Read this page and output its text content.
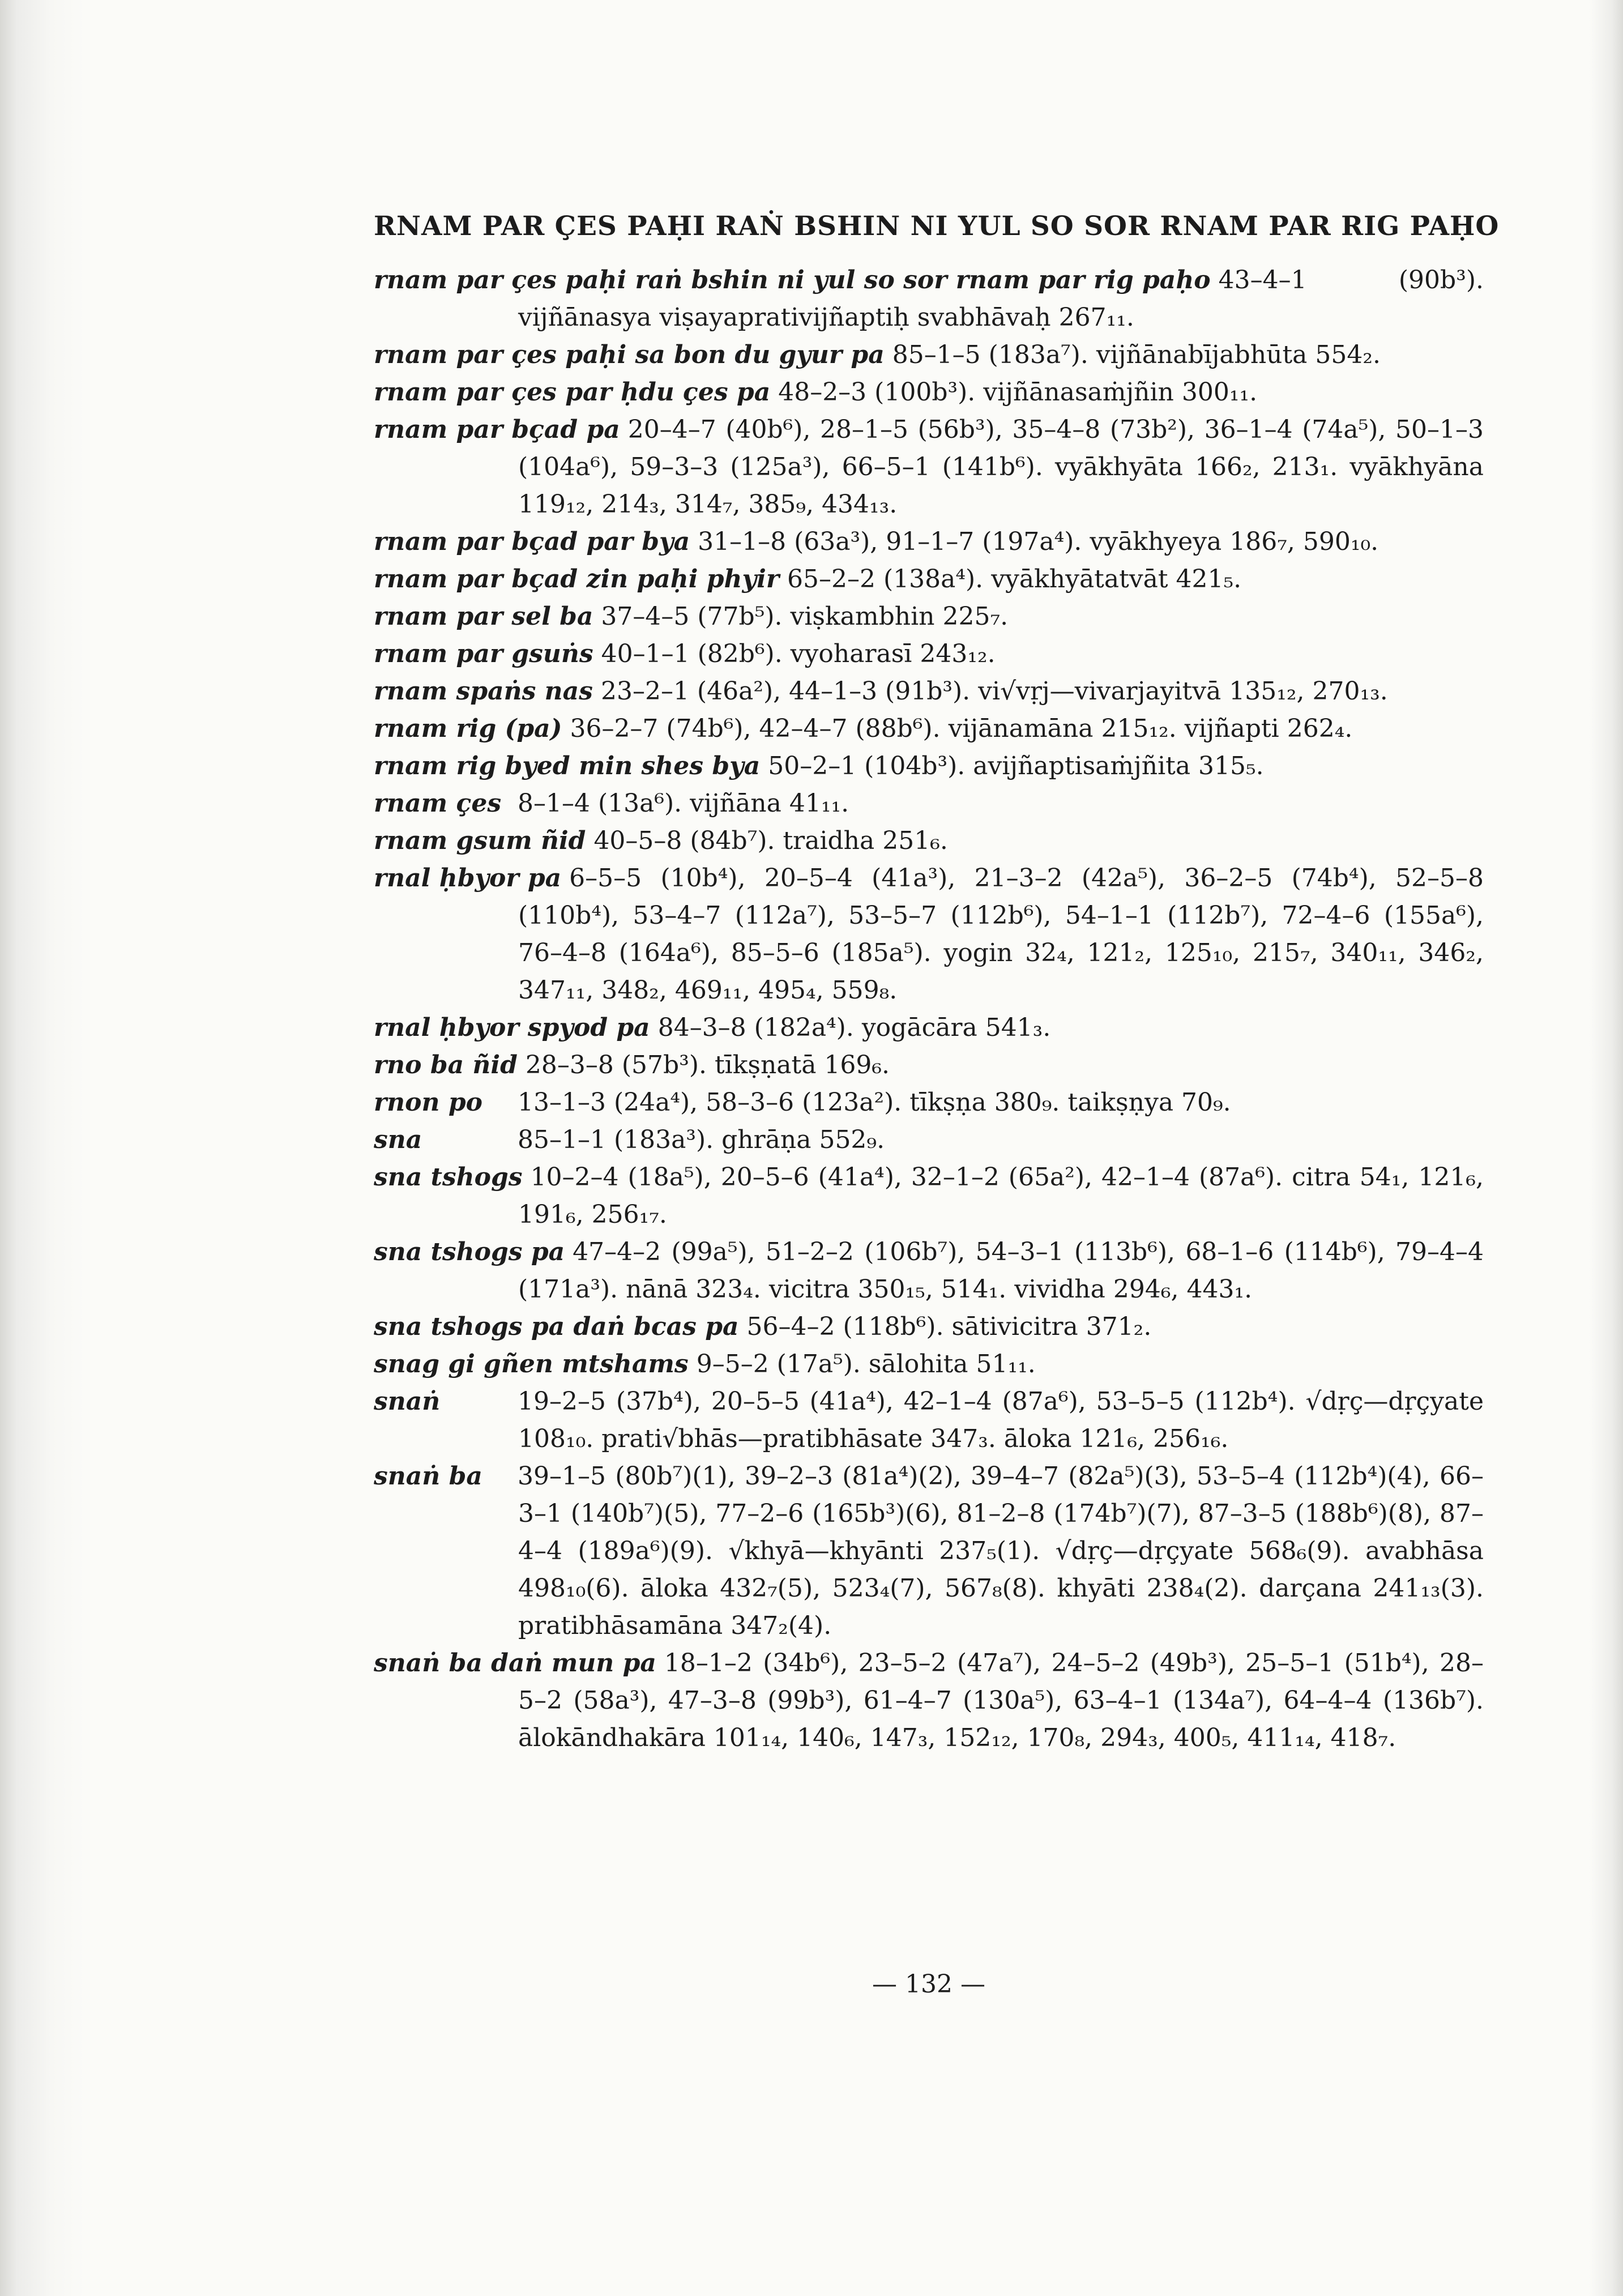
RNAM PAR ÇES PAḤI RAṄ BSHIN NI YUL SO SOR RNAM PAR RIG PAḤO
rnam par çes paḥi raṅ bshin ni yul so sor rnam par rig paḥo 43–4–1 (90b³). vijñānasya viṣayaprativijñaptiḥ svabhāvaḥ 267₁₁.
rnam par çes paḥi sa bon du gyur pa 85–1–5 (183a⁷). vijñānabījabhūta 554₂.
rnam par çes par ḥdu çes pa 48–2–3 (100b³). vijñānasaṁjñin 300₁₁.
rnam par bçad pa 20–4–7 (40b⁶), 28–1–5 (56b³), 35–4–8 (73b²), 36–1–4 (74a⁵), 50–1–3 (104a⁶), 59–3–3 (125a³), 66–5–1 (141b⁶). vyākhyāta 166₂, 213₁. vyākhyāna 119₁₂, 214₃, 314₇, 385₉, 434₁₃.
rnam par bçad par bya 31–1–8 (63a³), 91–1–7 (197a⁴). vyākhyeya 186₇, 590₁₀.
rnam par bçad zin paḥi phyir 65–2–2 (138a⁴). vyākhyātatvāt 421₅.
rnam par sel ba 37–4–5 (77b⁵). viṣkambhin 225₇.
rnam par gsuṅs 40–1–1 (82b⁶). vyoharasī 243₁₂.
rnam spaṅs nas 23–2–1 (46a²), 44–1–3 (91b³). vi√vṛj—vivarjayitvā 135₁₂, 270₁₃.
rnam rig (pa) 36–2–7 (74b⁶), 42–4–7 (88b⁶). vijānamāna 215₁₂. vijñapti 262₄.
rnam rig byed min shes bya 50–2–1 (104b³). avijñaptisaṁjñita 315₅.
rnam çes 8–1–4 (13a⁶). vijñāna 41₁₁.
rnam gsum ñid 40–5–8 (84b⁷). traidha 251₆.
rnal ḥbyor pa 6–5–5 (10b⁴), 20–5–4 (41a³), 21–3–2 (42a⁵), 36–2–5 (74b⁴), 52–5–8 (110b⁴), 53–4–7 (112a⁷), 53–5–7 (112b⁶), 54–1–1 (112b⁷), 72–4–6 (155a⁶), 76–4–8 (164a⁶), 85–5–6 (185a⁵). yogin 32₄, 121₂, 125₁₀, 215₇, 340₁₁, 346₂, 347₁₁, 348₂, 469₁₁, 495₄, 559₈.
rnal ḥbyor spyod pa 84–3–8 (182a⁴). yogācāra 541₃.
rno ba ñid 28–3–8 (57b³). tīkṣṇatā 169₆.
rnon po 13–1–3 (24a⁴), 58–3–6 (123a²). tīkṣṇa 380₉. taikṣṇya 70₉.
sna	85–1–1 (183a³). ghrāṇa 552₉.
sna tshogs 10–2–4 (18a⁵), 20–5–6 (41a⁴), 32–1–2 (65a²), 42–1–4 (87a⁶). citra 54₁, 121₆, 191₆, 256₁₇.
sna tshogs pa 47–4–2 (99a⁵), 51–2–2 (106b⁷), 54–3–1 (113b⁶), 68–1–6 (114b⁶), 79–4–4 (171a³). nānā 323₄. vicitra 350₁₅, 514₁. vividha 294₆, 443₁.
sna tshogs pa daṅ bcas pa 56–4–2 (118b⁶). sātivicitra 371₂.
snag gi gñen mtshams 9–5–2 (17a⁵). sālohita 51₁₁.
snaṅ	19–2–5 (37b⁴), 20–5–5 (41a⁴), 42–1–4 (87a⁶), 53–5–5 (112b⁴). √dṛç—dṛçyate 108₁₀. prati√bhās—pratibhāsate 347₃. āloka 121₆, 256₁₆.
snaṅ ba 39–1–5 (80b⁷)(1), 39–2–3 (81a⁴)(2), 39–4–7 (82a⁵)(3), 53–5–4 (112b⁴)(4), 66–3–1 (140b⁷)(5), 77–2–6 (165b³)(6), 81–2–8 (174b⁷)(7), 87–3–5 (188b⁶)(8), 87–4–4 (189a⁶)(9). √khyā—khyānti 237₅(1). √dṛç—dṛçyate 568₆(9). avabhāsa 498₁₀(6). āloka 432₇(5), 523₄(7), 567₈(8). khyāti 238₄(2). darçana 241₁₃(3). pratibhāsamāna 347₂(4).
snaṅ ba daṅ mun pa 18–1–2 (34b⁶), 23–5–2 (47a⁷), 24–5–2 (49b³), 25–5–1 (51b⁴), 28–5–2 (58a³), 47–3–8 (99b³), 61–4–7 (130a⁵), 63–4–1 (134a⁷), 64–4–4 (136b⁷). ālokāndhakāra 101₁₄, 140₆, 147₃, 152₁₂, 170₈, 294₃, 400₅, 411₁₄, 418₇.
— 132 —
